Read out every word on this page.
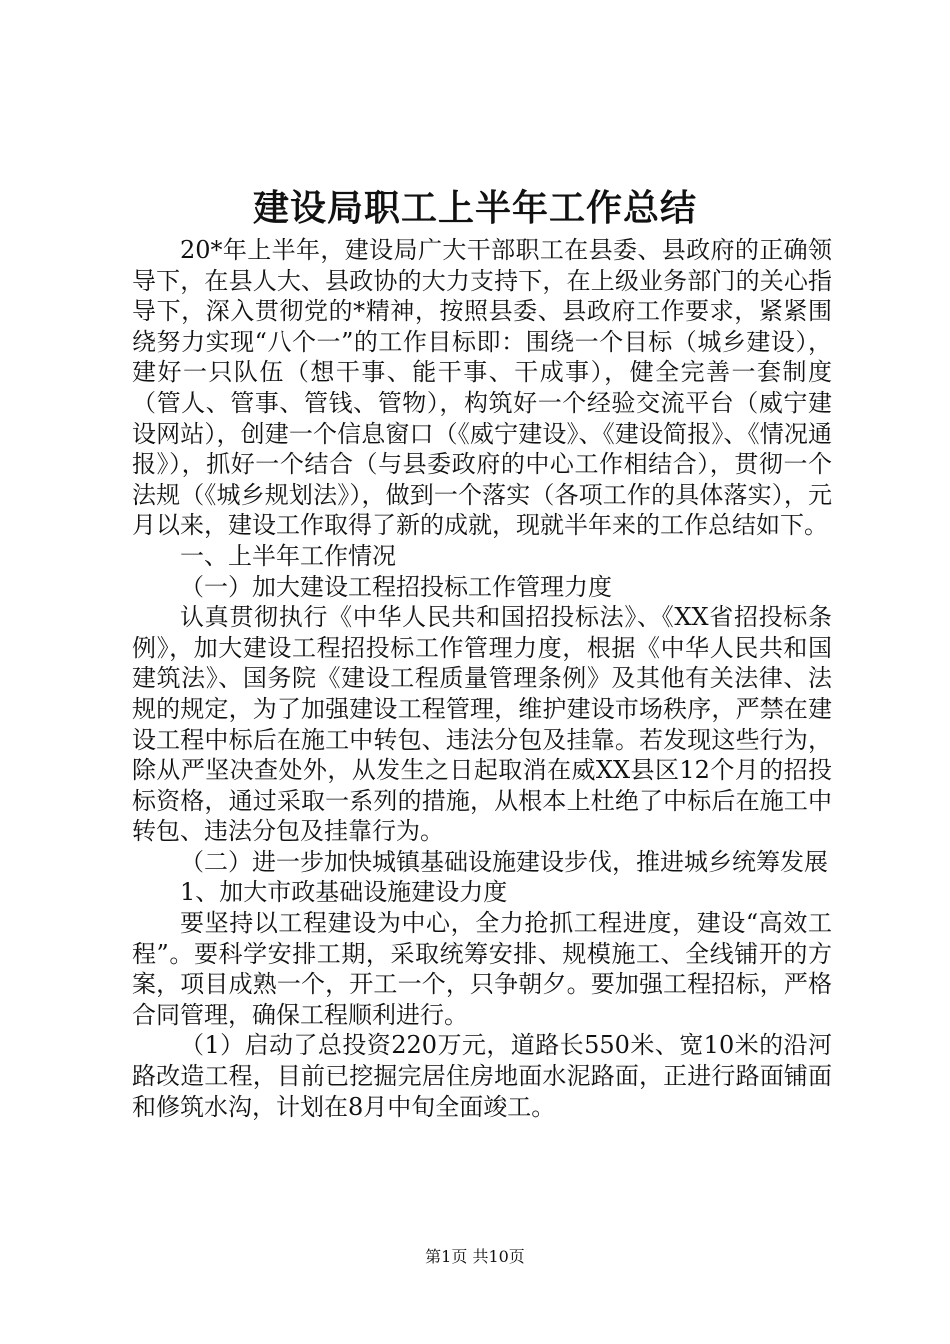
建设局职工上半年工作总结

20*年上半年，建设局广大干部职工在县委、县政府的正确领导下，在县人大、县政协的大力支持下，在上级业务部门的关心指导下，深入贯彻党的*精神，按照县委、县政府工作要求，紧紧围绕努力实现“八个一”的工作目标即：围绕一个目标（城乡建设），建好一只队伍（想干事、能干事、干成事），健全完善一套制度（管人、管事、管钱、管物），构筑好一个经验交流平台（威宁建设网站），创建一个信息窗口（《威宁建设》、《建设简报》、《情况通报》），抓好一个结合（与县委政府的中心工作相结合），贯彻一个法规（《城乡规划法》），做到一个落实（各项工作的具体落实），元月以来，建设工作取得了新的成就，现就半年来的工作总结如下。

一、上半年工作情况

（一）加大建设工程招投标工作管理力度

认真贯彻执行《中华人民共和国招投标法》、《XX省招投标条例》，加大建设工程招投标工作管理力度，根据《中华人民共和国建筑法》、国务院《建设工程质量管理条例》及其他有关法律、法规的规定，为了加强建设工程管理，维护建设市场秩序，严禁在建设工程中标后在施工中转包、违法分包及挂靠。若发现这些行为，除从严坚决查处外，从发生之日起取消在威XX县区12个月的招投标资格，通过采取一系列的措施，从根本上杜绝了中标后在施工中转包、违法分包及挂靠行为。

（二）进一步加快城镇基础设施建设步伐，推进城乡统筹发展

1、加大市政基础设施建设力度

要坚持以工程建设为中心，全力抢抓工程进度，建设“高效工程”。要科学安排工期，采取统筹安排、规模施工、全线铺开的方案，项目成熟一个，开工一个，只争朝夕。要加强工程招标，严格合同管理，确保工程顺利进行。

（1）启动了总投资220万元，道路长550米、宽10米的沿河路改造工程，目前已挖掘完居住房地面水泥路面，正进行路面铺面和修筑水沟，计划在8月中旬全面竣工。

第1页 共10页
